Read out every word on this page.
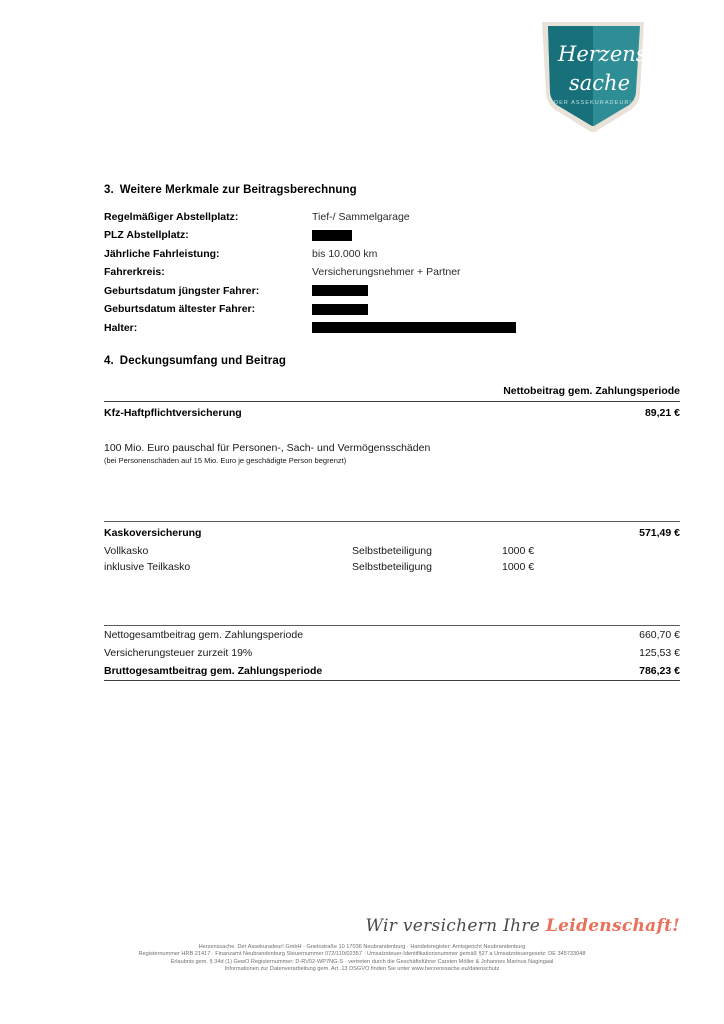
Herzens-
sache
DER ASSEKURADEUR!
3. Weitere Merkmale zur Beitragsberechnung
Regelmäßiger Abstellplatz:	Tief-/ Sammelgarage
PLZ Abstellplatz:
Jährliche Fahrleistung:	bis 10.000 km
Fahrerkreis:	Versicherungsnehmer + Partner
Geburtsdatum jüngster Fahrer:
Geburtsdatum ältester Fahrer:
Halter:
4. Deckungsumfang und Beitrag
Nettobeitrag gem. Zahlungsperiode
Kfz-Haftpflichtversicherung	89,21 €
100 Mio. Euro pauschal für Personen-, Sach- und Vermögensschäden
(bei Personenschäden auf 15 Mio. Euro je geschädigte Person begrenzt)
Kaskoversicherung	571,49 €
Vollkasko	Selbstbeteiligung	1000 €
inklusive Teilkasko	Selbstbeteiligung	1000 €
Nettogesamtbeitrag gem. Zahlungsperiode	660,70 €
Versicherungsteuer zurzeit 19%	125,53 €
Bruttogesamtbeitrag gem. Zahlungsperiode	786,23 €
Wir versichern Ihre Leidenschaft!
Herzenssache. Der Assekuradeur! GmbH · Gneisstraße 10 17036 Neubrandenburg · Handelsregister: Amtsgericht Neubrandenburg
Registernummer HRB 21417 · Finanzamt Neubrandenburg Steuernummer 072/110/02357 · Umsatzsteuer-Identifikationsnummer gemäß §27 a Umsatzsteuergesetz: DE 345733048
Erlaubnis gem. § 34d (1) GewO Registernummer: D-RV02-WP7NG-S · vertreten durch die Geschäftsführer Carsten Möller & Johannes Marinus Nagingaal
Informationen zur Datenverarbeitung gem. Art. 13 DSGVO finden Sie unter www.herzenssache.eu/datenschutz
